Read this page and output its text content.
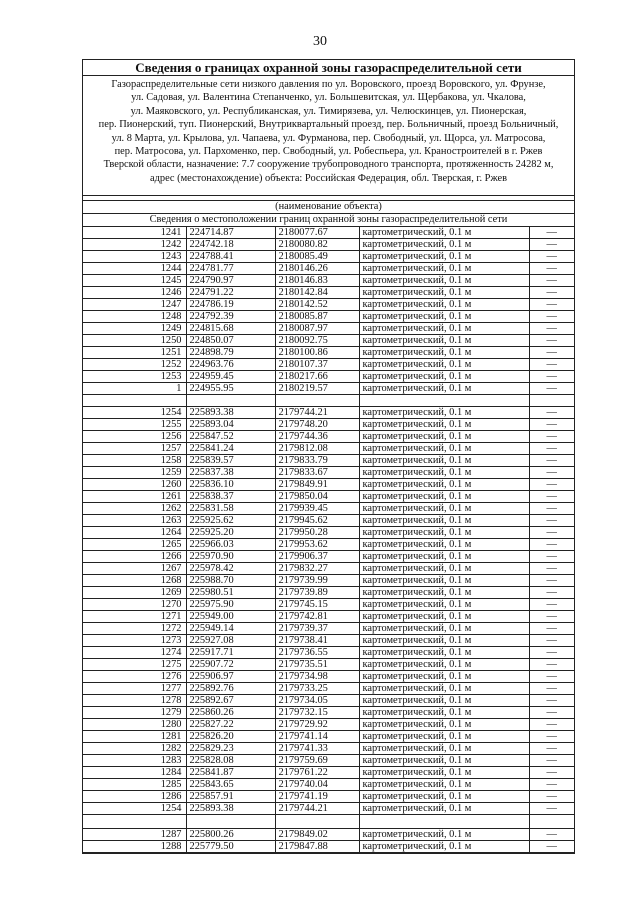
30
Сведения о границах охранной зоны газораспределительной сети
Газораспределительные сети низкого давления по ул. Воровского, проезд Воровского, ул. Фрунзе,
ул. Садовая, ул. Валентина Степанченко, ул. Большевитская, ул. Щербакова, ул. Чкалова,
ул. Маяковского, ул. Республиканская, ул. Тимирязева, ул. Челюскинцев, ул. Пионерская,
пер. Пионерский, туп. Пионерский, Внутриквартальный проезд, пер. Больничный, проезд Больничный,
ул. 8 Марта, ул. Крылова, ул. Чапаева, ул. Фурманова, пер. Свободный, ул. Щорса, ул. Матросова,
пер. Матросова, ул. Пархоменко, пер. Свободный, ул. Робеспьера, ул. Краностроителей в г. Ржев
Тверской области, назначение: 7.7 сооружение трубопроводного транспорта, протяженность 24282 м,
адрес (местонахождение) объекта: Российская Федерация, обл. Тверская, г. Ржев
(наименование объекта)
Сведения о местоположении границ охранной зоны газораспределительной сети
1241	224714.87	2180077.67	картометрический, 0.1 м	—
1242	224742.18	2180080.82	картометрический, 0.1 м	—
1243	224788.41	2180085.49	картометрический, 0.1 м	—
1244	224781.77	2180146.26	картометрический, 0.1 м	—
1245	224790.97	2180146.83	картометрический, 0.1 м	—
1246	224791.22	2180142.84	картометрический, 0.1 м	—
1247	224786.19	2180142.52	картометрический, 0.1 м	—
1248	224792.39	2180085.87	картометрический, 0.1 м	—
1249	224815.68	2180087.97	картометрический, 0.1 м	—
1250	224850.07	2180092.75	картометрический, 0.1 м	—
1251	224898.79	2180100.86	картометрический, 0.1 м	—
1252	224963.76	2180107.37	картометрический, 0.1 м	—
1253	224959.45	2180217.66	картометрический, 0.1 м	—
1	224955.95	2180219.57	картометрический, 0.1 м	—

1254	225893.38	2179744.21	картометрический, 0.1 м	—
1255	225893.04	2179748.20	картометрический, 0.1 м	—
1256	225847.52	2179744.36	картометрический, 0.1 м	—
1257	225841.24	2179812.08	картометрический, 0.1 м	—
1258	225839.57	2179833.79	картометрический, 0.1 м	—
1259	225837.38	2179833.67	картометрический, 0.1 м	—
1260	225836.10	2179849.91	картометрический, 0.1 м	—
1261	225838.37	2179850.04	картометрический, 0.1 м	—
1262	225831.58	2179939.45	картометрический, 0.1 м	—
1263	225925.62	2179945.62	картометрический, 0.1 м	—
1264	225925.20	2179950.28	картометрический, 0.1 м	—
1265	225966.03	2179953.62	картометрический, 0.1 м	—
1266	225970.90	2179906.37	картометрический, 0.1 м	—
1267	225978.42	2179832.27	картометрический, 0.1 м	—
1268	225988.70	2179739.99	картометрический, 0.1 м	—
1269	225980.51	2179739.89	картометрический, 0.1 м	—
1270	225975.90	2179745.15	картометрический, 0.1 м	—
1271	225949.00	2179742.81	картометрический, 0.1 м	—
1272	225949.14	2179739.37	картометрический, 0.1 м	—
1273	225927.08	2179738.41	картометрический, 0.1 м	—
1274	225917.71	2179736.55	картометрический, 0.1 м	—
1275	225907.72	2179735.51	картометрический, 0.1 м	—
1276	225906.97	2179734.98	картометрический, 0.1 м	—
1277	225892.76	2179733.25	картометрический, 0.1 м	—
1278	225892.67	2179734.05	картометрический, 0.1 м	—
1279	225860.26	2179732.15	картометрический, 0.1 м	—
1280	225827.22	2179729.92	картометрический, 0.1 м	—
1281	225826.20	2179741.14	картометрический, 0.1 м	—
1282	225829.23	2179741.33	картометрический, 0.1 м	—
1283	225828.08	2179759.69	картометрический, 0.1 м	—
1284	225841.87	2179761.22	картометрический, 0.1 м	—
1285	225843.65	2179740.04	картометрический, 0.1 м	—
1286	225857.91	2179741.19	картометрический, 0.1 м	—
1254	225893.38	2179744.21	картометрический, 0.1 м	—

1287	225800.26	2179849.02	картометрический, 0.1 м	—
1288	225779.50	2179847.88	картометрический, 0.1 м	—
